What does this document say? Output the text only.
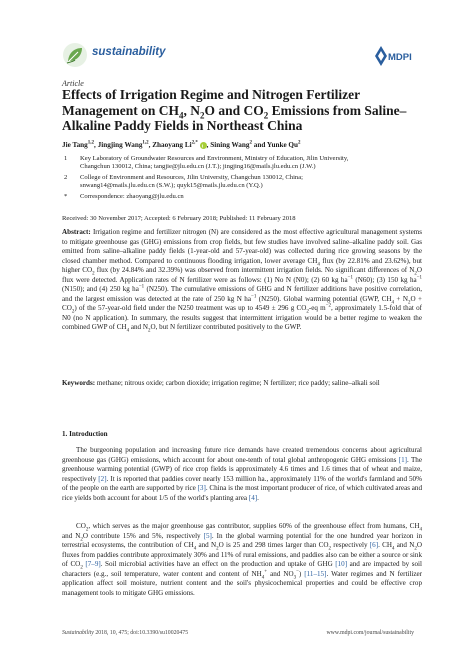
sustainability	MDPI
Article
Effects of Irrigation Regime and Nitrogen Fertilizer Management on $CH_4$, $N_2O$ and $CO_2$ Emissions from Saline–Alkaline Paddy Fields in Northeast China
Jie Tang$^{1,2}$, Jingjing Wang$^{1,2}$, Zhaoyang $Li^{2,*}$
i , Sining Wang$^2$ and Yunke Qu$^2$
1 Key Laboratory of Groundwater Resources and Environment, Ministry of Education, Jilin University,
Changchun 130012, China; tangjie@jlu.edu.cn (J.T.); jingjing16@mails.jlu.edu.cn (J.W.)
2 College of Environment and Resources, Jilin University, Changchun 130012, China;
snwang14@mails.jlu.edu.cn (S.W.); quyk15@mails.jlu.edu.cn (Y.Q.)
* Correspondence: zhaoyang@jlu.edu.cn
Received: 30 November 2017; Accepted: 6 February 2018; Published: 11 February 2018

Abstract: Irrigation regime and fertilizer nitrogen (N) are considered as the most effective agricultural management systems to mitigate greenhouse gas (GHG) emissions from crop fields, but few studies have involved saline–alkaline paddy soil. Gas emitted from saline–alkaline paddy fields (1-year-old and 57-year-old) was collected during rice growing seasons by the closed chamber method. Compared to continuous flooding irrigation, lower average $CH_4$ flux (by 22.81% and 23.62%), but higher $CO_2$ flux (by 24.84% and 32.39%) was observed from intermittent irrigation fields. No significant differences of $N_2O$ flux were detected. Application rates of N fertilizer were as follows: (1) No N (N0); (2) 60 kg $ha^{-1}$ (N60); (3) 150 kg $ha^{-1}$ (N150); and (4) 250 kg $ha^{-1}$ (N250). The cumulative emissions of GHG and N fertilizer additions have positive correlation, and the largest emission was detected at the rate of 250 kg N $ha^{-1}$ (N250). Global warming potential (GWP, $CH_4 + N_2O + CO_2$) of the 57-year-old field under the N250 treatment was up to 4549 ± 296 g $CO_2-eq$ $m^{-2}$, approximately 1.5-fold that of N0 (no N application). In summary, the results suggest that intermittent irrigation would be a better regime to weaken the combined GWP of $CH_4$ and $N_2O$, but N fertilizer contributed positively to the GWP.

Keywords: methane; nitrous oxide; carbon dioxide; irrigation regime; N fertilizer; rice paddy; saline–alkali soil

1. Introduction

The burgeoning population and increasing future rice demands have created tremendous concerns about agricultural greenhouse gas (GHG) emissions, which account for about one-tenth of total global anthropogenic GHG emissions [1]. The greenhouse warming potential (GWP) of rice crop fields is approximately 4.6 times and 1.6 times that of wheat and maize, respectively [2]. It is reported that paddies cover nearly 153 million ha., approximately 11% of the world's farmland and 50% of the people on the earth are supported by rice [3]. China is the most important producer of rice, of which cultivated areas and rice yields both account for about 1/5 of the world's planting area [4].

$CO_2$, which serves as the major greenhouse gas contributor, supplies 60% of the greenhouse effect from humans, $CH_4$ and $N_2O$ contribute 15% and 5%, respectively [5]. In the global warming potential for the one hundred year horizon in terrestrial ecosystems, the contribution of $CH_4$ and $N_2O$ is 25 and 298 times larger than $CO_2$ respectively [6]. $CH_4$ and $N_2O$ fluxes from paddies contribute approximately 30% and 11% of rural emissions, and paddies also can be either a source or sink of $CO_2$ [7–9]. Soil microbial activities have an effect on the production and uptake of GHG [10] and are impacted by soil characters (e.g., soil temperature, water content and content of $NH_4^+$ and $NO_3^-$) [11–15]. Water regimes and N fertilizer application affect soil moisture, nutrient content and the soil's physicochemical properties and could be effective crop management tools to mitigate GHG emissions.

Sustainability 2018, 10, 475; doi:10.3390/su10020475	www.mdpi.com/journal/sustainability
